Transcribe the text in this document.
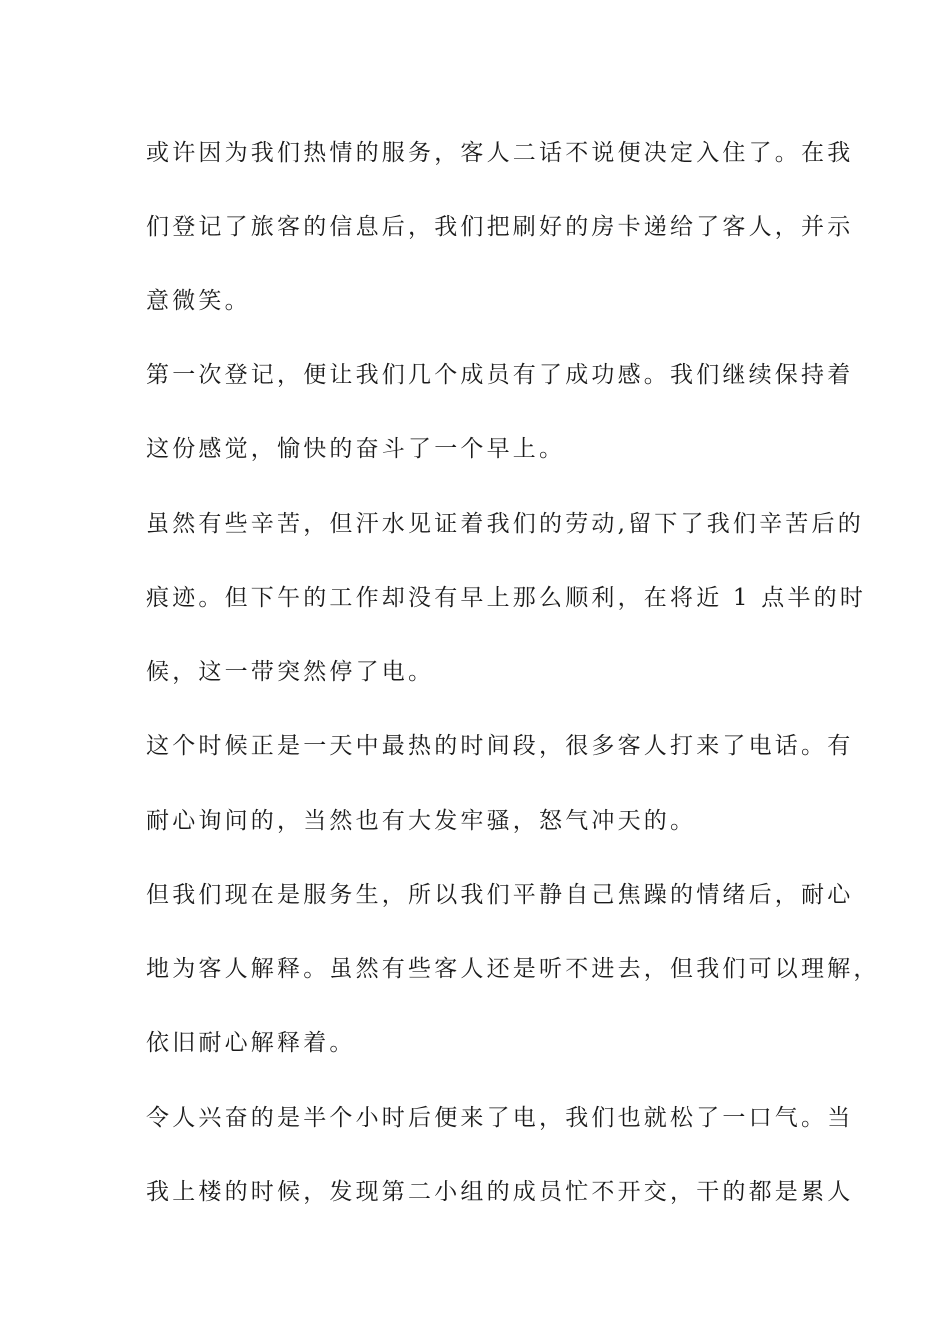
或许因为我们热情的服务，客人二话不说便决定入住了。在我
们登记了旅客的信息后，我们把刷好的房卡递给了客人，并示
意微笑。
第一次登记，便让我们几个成员有了成功感。我们继续保持着
这份感觉，愉快的奋斗了一个早上。
虽然有些辛苦，但汗水见证着我们的劳动,留下了我们辛苦后的
痕迹。但下午的工作却没有早上那么顺利，在将近 1 点半的时
候，这一带突然停了电。
这个时候正是一天中最热的时间段，很多客人打来了电话。有
耐心询问的，当然也有大发牢骚，怒气冲天的。
但我们现在是服务生，所以我们平静自己焦躁的情绪后，耐心
地为客人解释。虽然有些客人还是听不进去，但我们可以理解，
依旧耐心解释着。
令人兴奋的是半个小时后便来了电，我们也就松了一口气。当
我上楼的时候，发现第二小组的成员忙不开交，干的都是累人
